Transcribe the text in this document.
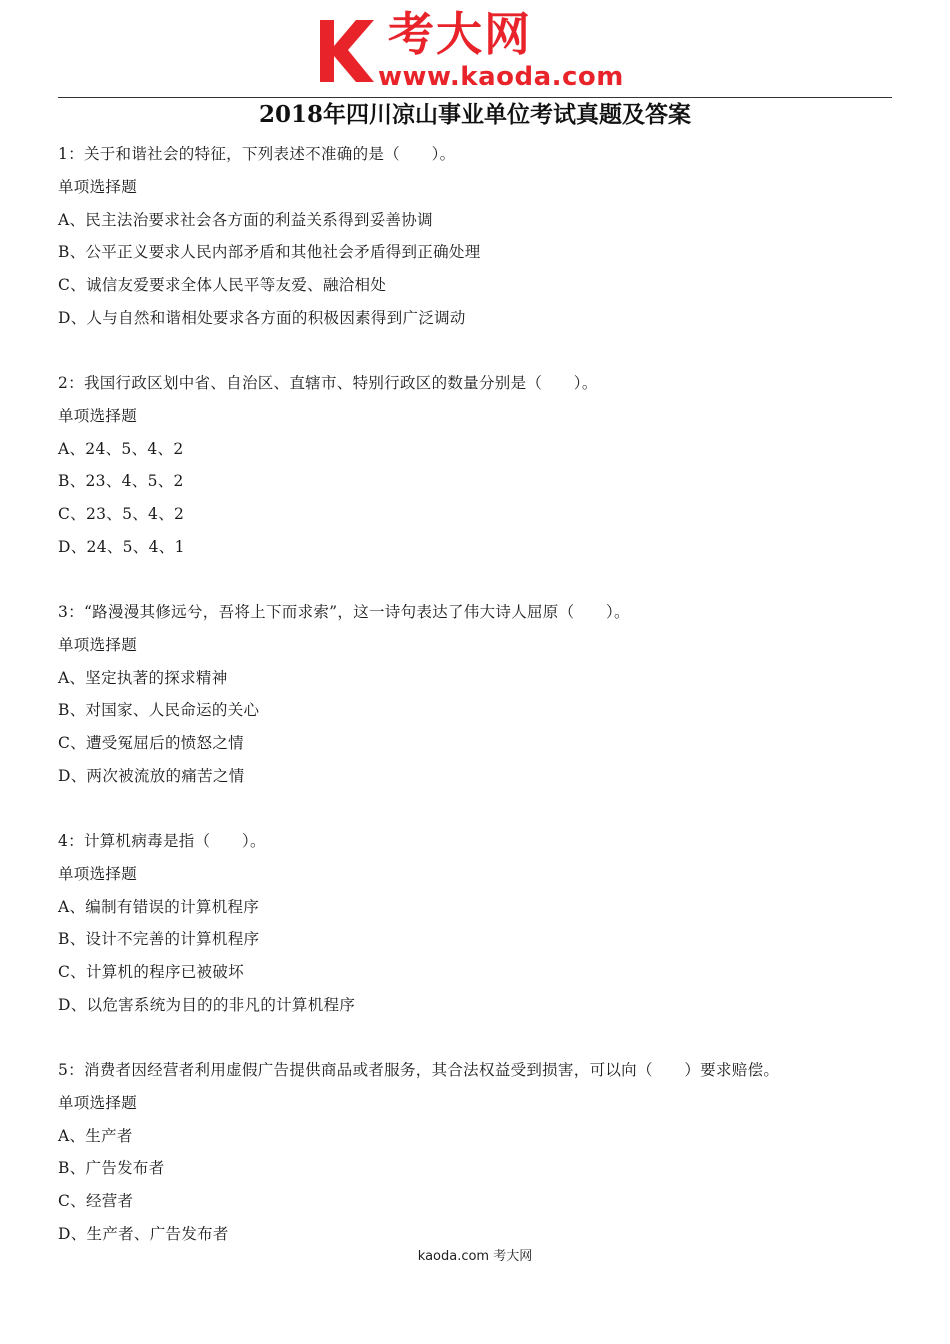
考大网
www.kaoda.com
2018年四川凉山事业单位考试真题及答案
1：关于和谐社会的特征，下列表述不准确的是（　　）。
单项选择题
A、民主法治要求社会各方面的利益关系得到妥善协调
B、公平正义要求人民内部矛盾和其他社会矛盾得到正确处理
C、诚信友爱要求全体人民平等友爱、融洽相处
D、人与自然和谐相处要求各方面的积极因素得到广泛调动
2：我国行政区划中省、自治区、直辖市、特别行政区的数量分别是（　　）。
单项选择题
A、24、5、4、2
B、23、4、5、2
C、23、5、4、2
D、24、5、4、1
3：“路漫漫其修远兮，吾将上下而求索”，这一诗句表达了伟大诗人屈原（　　）。
单项选择题
A、坚定执著的探求精神
B、对国家、人民命运的关心
C、遭受冤屈后的愤怒之情
D、两次被流放的痛苦之情
4：计算机病毒是指（　　）。
单项选择题
A、编制有错误的计算机程序
B、设计不完善的计算机程序
C、计算机的程序已被破坏
D、以危害系统为目的的非凡的计算机程序
5：消费者因经营者利用虚假广告提供商品或者服务，其合法权益受到损害，可以向（　　）要求赔偿。
单项选择题
A、生产者
B、广告发布者
C、经营者
D、生产者、广告发布者
kaoda.com 考大网
